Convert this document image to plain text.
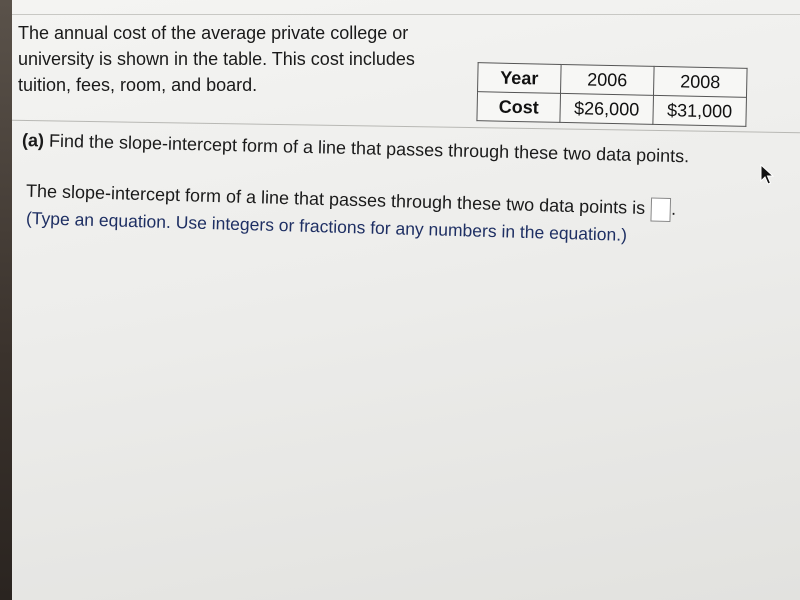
The annual cost of the average private college or university is shown in the table. This cost includes tuition, fees, room, and board.	Year	2006	2008
Cost	$26,000	$31,000
(a) Find the slope-intercept form of a line that passes through these two data points.
The slope-intercept form of a line that passes through these two data points is .
(Type an equation. Use integers or fractions for any numbers in the equation.)
